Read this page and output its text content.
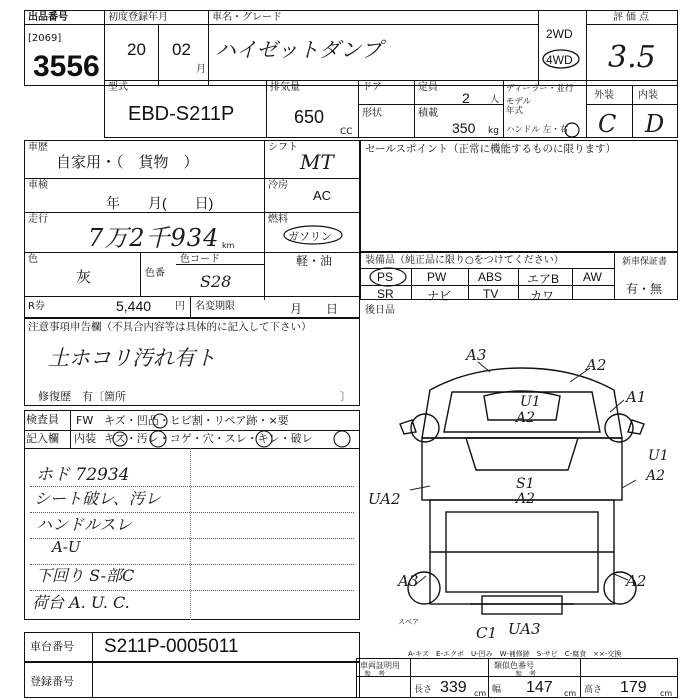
出品番号
[2069]
3556
初度登録年月
20 02
月
車名・グレード
ハイゼットダンプ
2WD
4WD
評価点
3.5
型式
EBD-S211P
排気量
650
CC
ドア	定員
2 人
形状	積載
350 kg
ディーラー・並行
モデル年式
ハンドル 左・右
外装 内装
C D
車歴
自家用・（　貨物　）
シフト
MT
車検
年　　月(　　日)
冷房
AC
走行
7万2千934 km
燃料
ガソリン
軽・油
色
灰	色番
色コード
S28
R券	5,440 円 名変期限	月　　日
セールスポイント（正常に機能するものに限ります）
装備品（純正品に限り○をつけてください）
PS	PW	ABS エアB AW
SR	ナビ	TV	カワ
新車保証書
有・無
後日品
注意事項申告欄（不具合内容等は具体的に記入して下さい）
土ホコリ汚れ有ト
修復歴　有〔箇所	〕
検査員
記入欄
FW キズ・凹凸・ヒビ割・リペア跡・×要
内装 キズ・汚レ・コゲ・穴・スレ・キレ・破レ
ホド 72934
シート破レ、汚レ
ハンドルスレ
A-U
下回り S-部C
荷台 A. U. C.
A3
A2
A1
U1
A2
U1
A2
UA2
S1
A2
A3	A2
C1 UA3
スペア
A-キズ　E-エクボ　U-凹み　W-補修跡　S-サビ　C-腐食　××-交換
車台番号 S211P-0005011
登録番号
類似色番号
参　考
車両証明用
参　考
長さ 339 cm 幅 147 cm 高さ 179 cm
